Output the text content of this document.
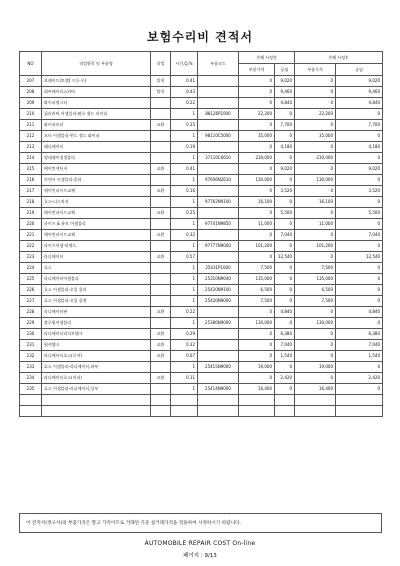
보험수리비 견적서
NO	작업항목 및 부품명	작업	시간,Q,%	부품코드	손해 사정전		손해 사정후	
					부품가격	공임	부품가격	공임
207	보쉐이드(트랩) 프루-우)	탈착	0.41		0	9,020	0	9,020
208	회씨메이브스커버	탈착	0.43		0	9,460	0	9,460
209	와이퍼링크터		0.22		0	4,840	0	4,840
210	필러커버.어셈블리-팜로 쉴드 라이더		1	88126P1000	22,200	0	22,200	0
211	와이퍼모터	교환	0.35		0	7,700	0	7,700
212	모터 어셈블리-윈드 쉴드 와이퍼		1	98110C5000	35,000	0	35,000	0
213	래디에이터		0.19		0	4,180	0	4,180
214	빙데페이징셀블리		1	37110C6610	230,000	0	230,000	0
215	에어컨센딘서	교환	0.41		0	9,020	0	9,020
216	콘덴서 어셈블리-쿨러		1	97606N2610	130,000	0	130,000	0
217	에어컨파이프교체	교환	0.16		0	3,520	0	3,520
218	호스-디스차지		1	97762N9100	16,100	0	16,100	0
219	에어컨파이프교체	교환	0.25		0	5,500	0	5,500
220	파이프 & 튜브 어셈블리		1	97741N9850	11,000	0	11,000	0
221	에어컨파이프교체	교환	0.32		0	7,040	0	7,040
222	파이프어셈-리퀴드		1	97777N9000	101,200	0	101,200	0
223	라디에이터	교환	0.57		0	12,540	0	12,540
224	호스		1	25431P1000	7,500	0	7,500	0
225	라디에이터어셈블리		1	25310N9040	135,000	0	135,000	0
226	호스 어셈블리-오일 쿨러		1	25420N9100	6,500	0	6,500	0
227	호스 어셈블리-오일 쿨링		1	25420N9000	7,500	0	7,500	0
228	라디에이터판	교환	0.22		0	4,840	0	4,840
229	블로워어셈블리		1	25380N9000	130,000	0	130,000	0
230	라디에이터리저브탱크	교환	0.29		0	6,380	0	6,380
231	워셔탱크	교환	0.32		0	7,040	0	7,040
232	라디에이터호스(로어)	교환	0.07		0	1,540	0	1,540
233	호스 어셈블리-라디에이터,하부		1	25415N9000	19,000	0	19,000	0
234	라디에이터호스(어퍼)	교환	0.11		0	2,420	0	2,420
235	호스 어셈블리-라디에이터,상부		1	25414N9000	16,400	0	16,400	0

이 견적서(정구서)의 부품가격은 향고 가격이므로 거래된 기준 실거래가격을 적용하여 사정하시기 바랍니다.
AUTOMOBILE REPAIR COST On-line
페이지 : 9/13
